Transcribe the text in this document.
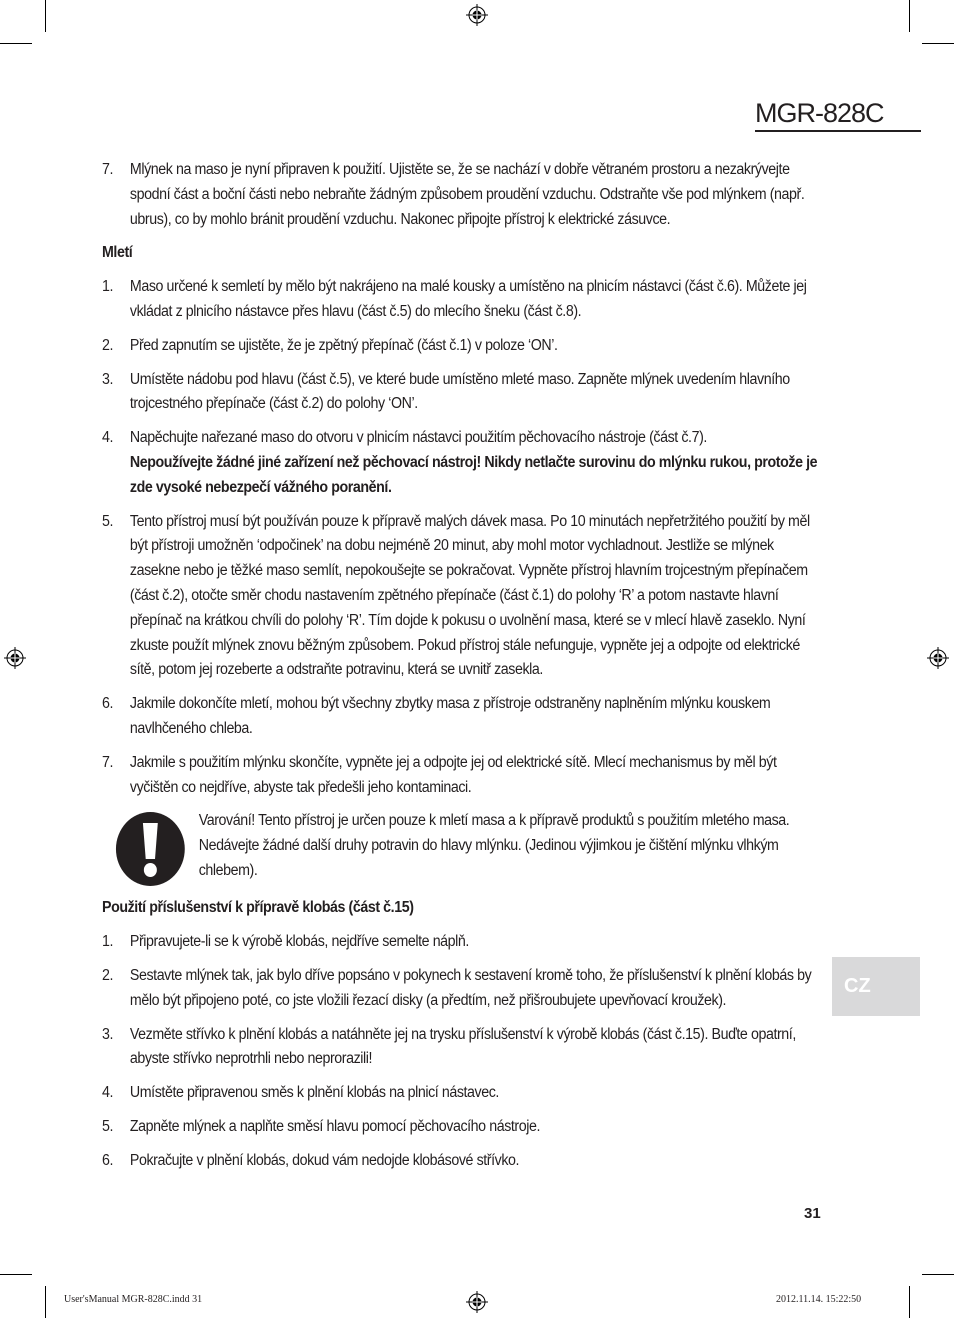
MGR-828C
7.	Mlýnek na maso je nyní připraven k použití. Ujistěte se, že se nachází v dobře větraném prostoru a nezakrývejte spodní část a boční části nebo nebraňte žádným způsobem proudění vzduchu. Odstraňte vše pod mlýnkem (např. ubrus), co by mohlo bránit proudění vzduchu. Nakonec připojte přístroj k elektrické zásuvce.
Mletí
1.	Maso určené k semletí by mělo být nakrájeno na malé kousky a umístěno na plnicím nástavci (část č.6). Můžete jej vkládat z plnicího nástavce přes hlavu (část č.5) do mlecího šneku (část č.8).
2.	Před zapnutím se ujistěte, že je zpětný přepínač (část č.1) v poloze ‘ON’.
3.	Umístěte nádobu pod hlavu (část č.5), ve které bude umístěno mleté maso. Zapněte mlýnek uvedením hlavního trojcestného přepínače (část č.2) do polohy ‘ON’.
4.	Napěchujte nařezané maso do otvoru v plnicím nástavci použitím pěchovacího nástroje (část č.7).
Nepoužívejte žádné jiné zařízení než pěchovací nástroj! Nikdy netlačte surovinu do mlýnku rukou, protože je zde vysoké nebezpečí vážného poranění.
5.	Tento přístroj musí být používán pouze k přípravě malých dávek masa. Po 10 minutách nepřetržitého použití by měl být přístroji umožněn ‘odpočinek’ na dobu nejméně 20 minut, aby mohl motor vychladnout. Jestliže se mlýnek zasekne nebo je těžké maso semlít, nepokoušejte se pokračovat. Vypněte přístroj hlavním trojcestným přepínačem (část č.2), otočte směr chodu nastavením zpětného přepínače (část č.1) do polohy ‘R’ a potom nastavte hlavní přepínač na krátkou chvíli do polohy ‘R’. Tím dojde k pokusu o uvolnění masa, které se v mlecí hlavě zaseklo. Nyní zkuste použít mlýnek znovu běžným způsobem. Pokud přístroj stále nefunguje, vypněte jej a odpojte od elektrické sítě, potom jej rozeberte a odstraňte potravinu, která se uvnitř zasekla.
6.	Jakmile dokončíte mletí, mohou být všechny zbytky masa z přístroje odstraněny naplněním mlýnku kouskem navlhčeného chleba.
7.	Jakmile s použitím mlýnku skončíte, vypněte jej a odpojte jej od elektrické sítě. Mlecí mechanismus by měl být vyčištěn co nejdříve, abyste tak předešli jeho kontaminaci.
Varování! Tento přístroj je určen pouze k mletí masa a k přípravě produktů s použitím mletého masa. Nedávejte žádné další druhy potravin do hlavy mlýnku. (Jedinou výjimkou je čištění mlýnku vlhkým chlebem).
Použití příslušenství k přípravě klobás (část č.15)
1.	Připravujete-li se k výrobě klobás, nejdříve semelte náplň.
2.	Sestavte mlýnek tak, jak bylo dříve popsáno v pokynech k sestavení kromě toho, že příslušenství k plnění klobás by mělo být připojeno poté, co jste vložili řezací disky (a předtím, než přišroubujete upevňovací kroužek).
3.	Vezměte střívko k plnění klobás a natáhněte jej na trysku příslušenství k výrobě klobás (část č.15). Buďte opatrní, abyste střívko neprotrhli nebo neprorazili!
4.	Umístěte připravenou směs k plnění klobás na plnicí nástavec.
5.	Zapněte mlýnek a naplňte směsí hlavu pomocí pěchovacího nástroje.
6.	Pokračujte v plnění klobás, dokud vám nedojde klobásové střívko.
CZ
31
User'sManual MGR-828C.indd 31	2012.11.14. 15:22:50
